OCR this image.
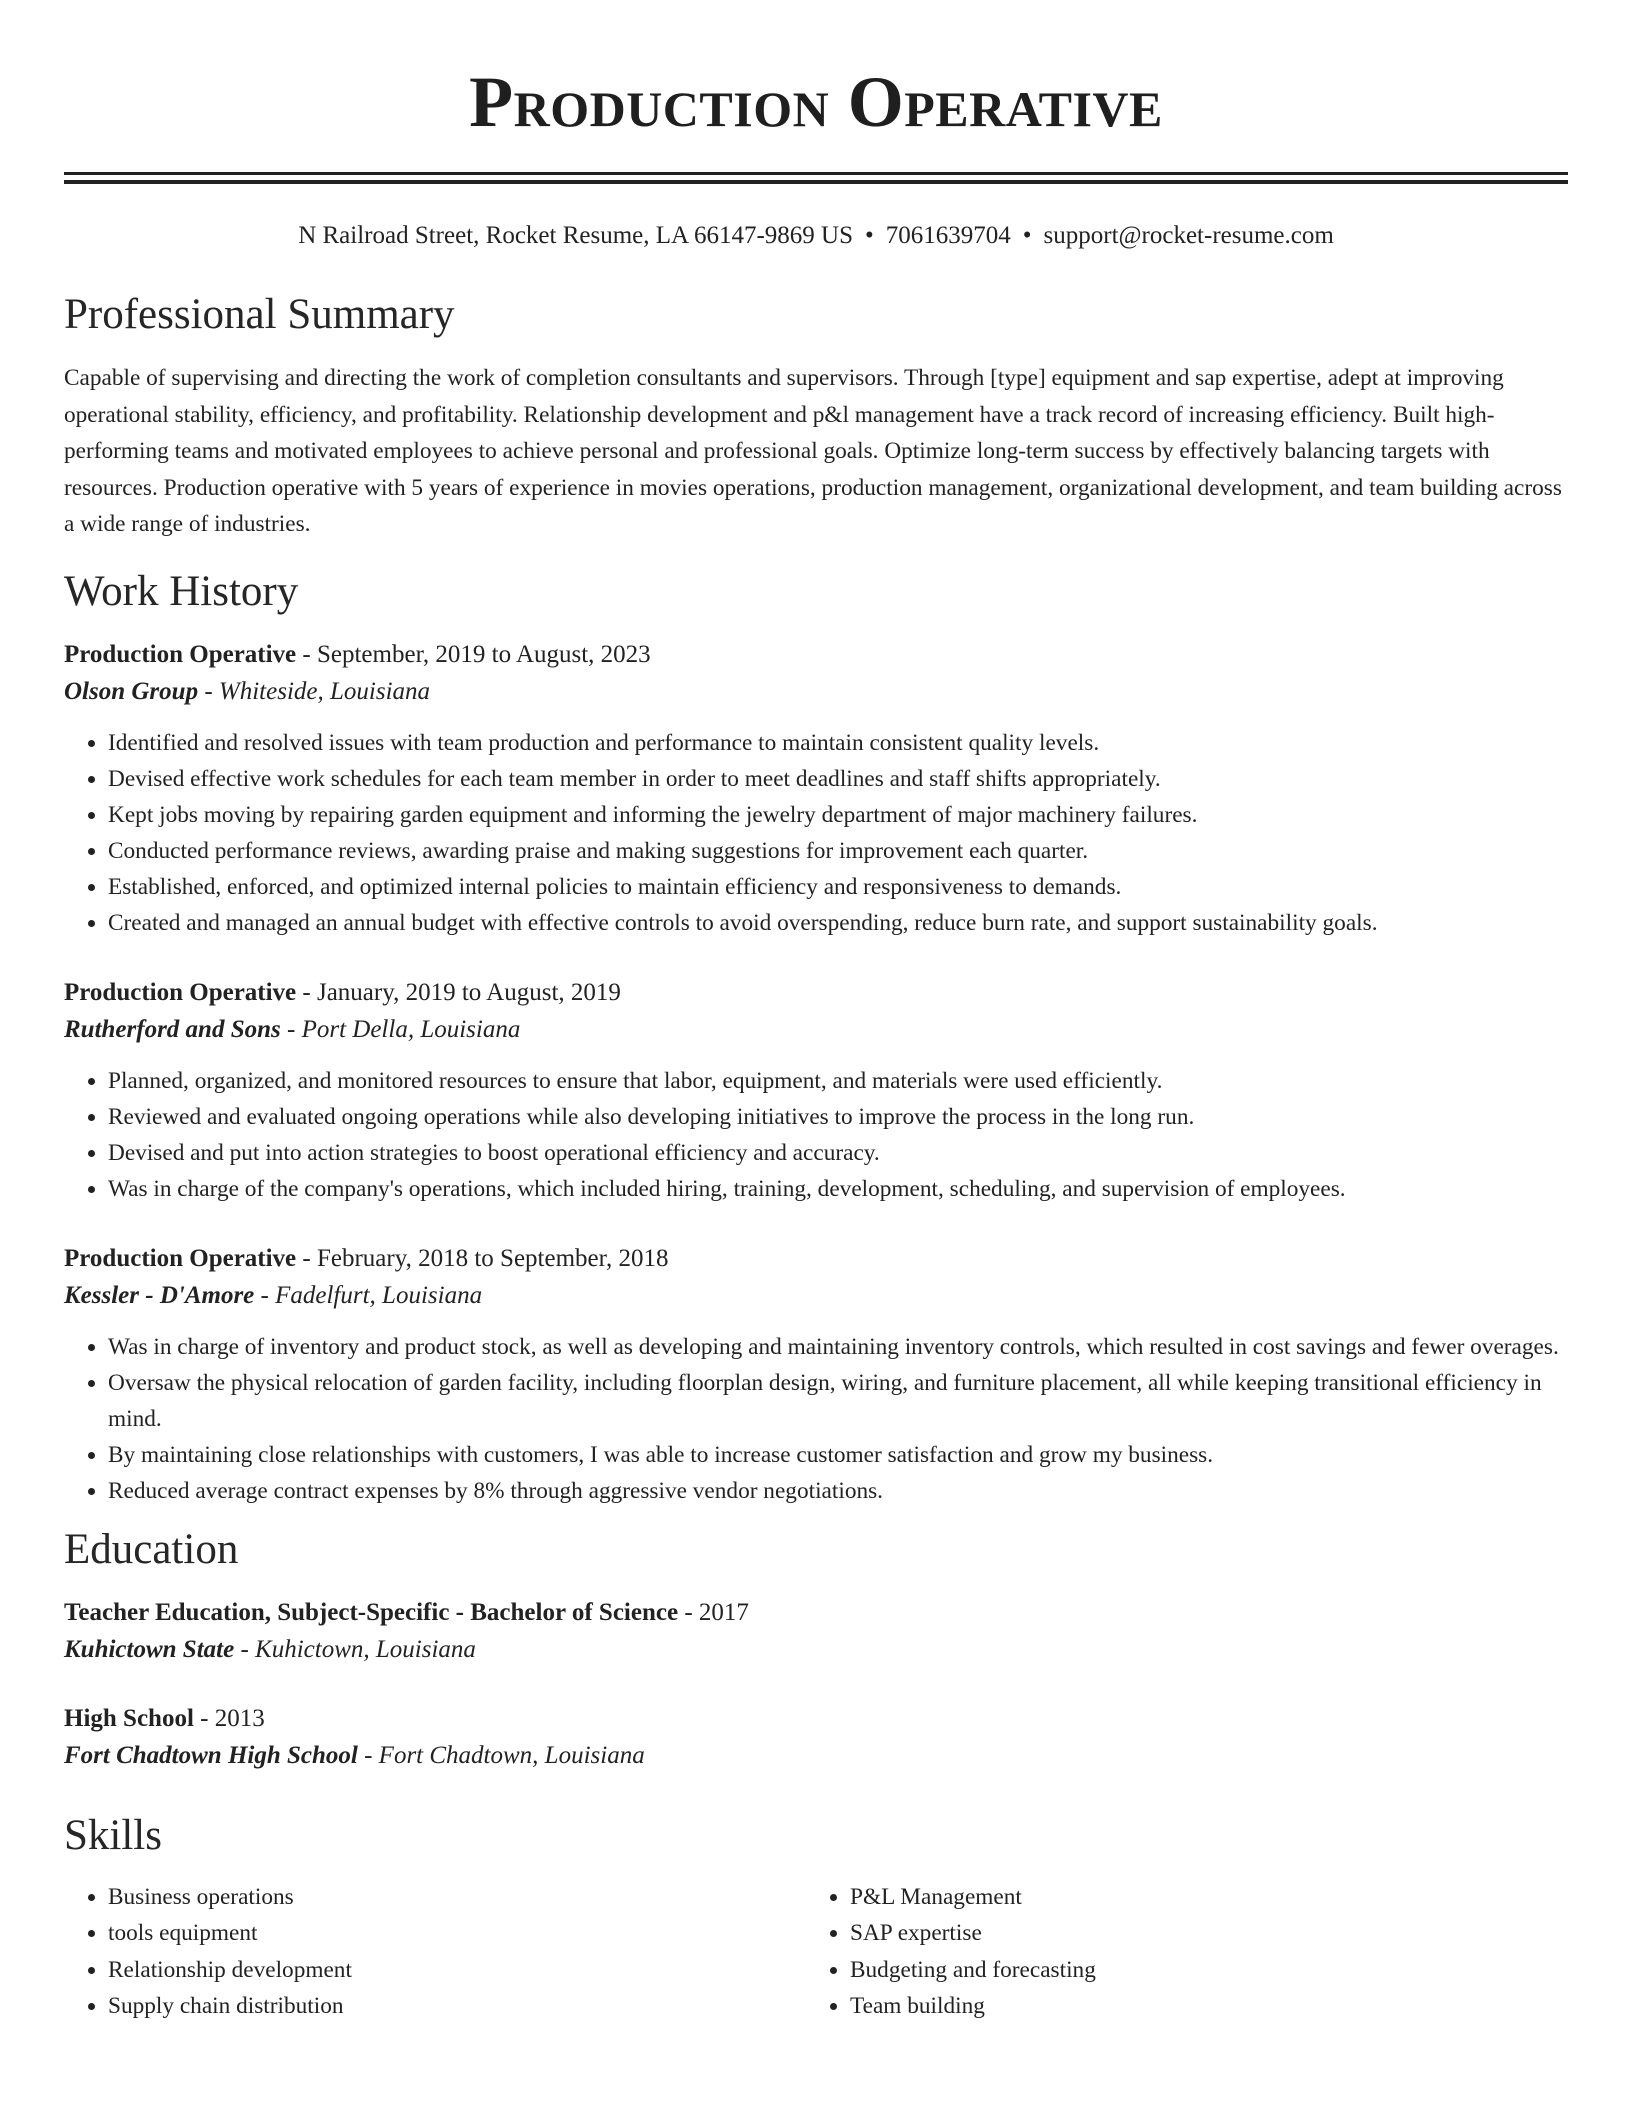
Production Operative
N Railroad Street, Rocket Resume, LA 66147-9869 US • 7061639704 • support@rocket-resume.com
Professional Summary

Capable of supervising and directing the work of completion consultants and supervisors. Through [type] equipment and sap expertise, adept at improving operational stability, efficiency, and profitability. Relationship development and p&l management have a track record of increasing efficiency. Built high-performing teams and motivated employees to achieve personal and professional goals. Optimize long-term success by effectively balancing targets with resources. Production operative with 5 years of experience in movies operations, production management, organizational development, and team building across a wide range of industries.

Work History
Production Operative - September, 2019 to August, 2023
Olson Group - Whiteside, Louisiana
• Identified and resolved issues with team production and performance to maintain consistent quality levels.
• Devised effective work schedules for each team member in order to meet deadlines and staff shifts appropriately.
• Kept jobs moving by repairing garden equipment and informing the jewelry department of major machinery failures.
• Conducted performance reviews, awarding praise and making suggestions for improvement each quarter.
• Established, enforced, and optimized internal policies to maintain efficiency and responsiveness to demands.
• Created and managed an annual budget with effective controls to avoid overspending, reduce burn rate, and support sustainability goals.
Production Operative - January, 2019 to August, 2019
Rutherford and Sons - Port Della, Louisiana
• Planned, organized, and monitored resources to ensure that labor, equipment, and materials were used efficiently.
• Reviewed and evaluated ongoing operations while also developing initiatives to improve the process in the long run.
• Devised and put into action strategies to boost operational efficiency and accuracy.
• Was in charge of the company's operations, which included hiring, training, development, scheduling, and supervision of employees.
Production Operative - February, 2018 to September, 2018
Kessler - D'Amore - Fadelfurt, Louisiana
• Was in charge of inventory and product stock, as well as developing and maintaining inventory controls, which resulted in cost savings and fewer overages.
• Oversaw the physical relocation of garden facility, including floorplan design, wiring, and furniture placement, all while keeping transitional efficiency in mind.
• By maintaining close relationships with customers, I was able to increase customer satisfaction and grow my business.
• Reduced average contract expenses by 8% through aggressive vendor negotiations.
Education
Teacher Education, Subject-Specific - Bachelor of Science - 2017
Kuhictown State - Kuhictown, Louisiana
High School - 2013
Fort Chadtown High School - Fort Chadtown, Louisiana
Skills
• Business operations
• tools equipment
• Relationship development
• Supply chain distribution
• P&L Management
• SAP expertise
• Budgeting and forecasting
• Team building
